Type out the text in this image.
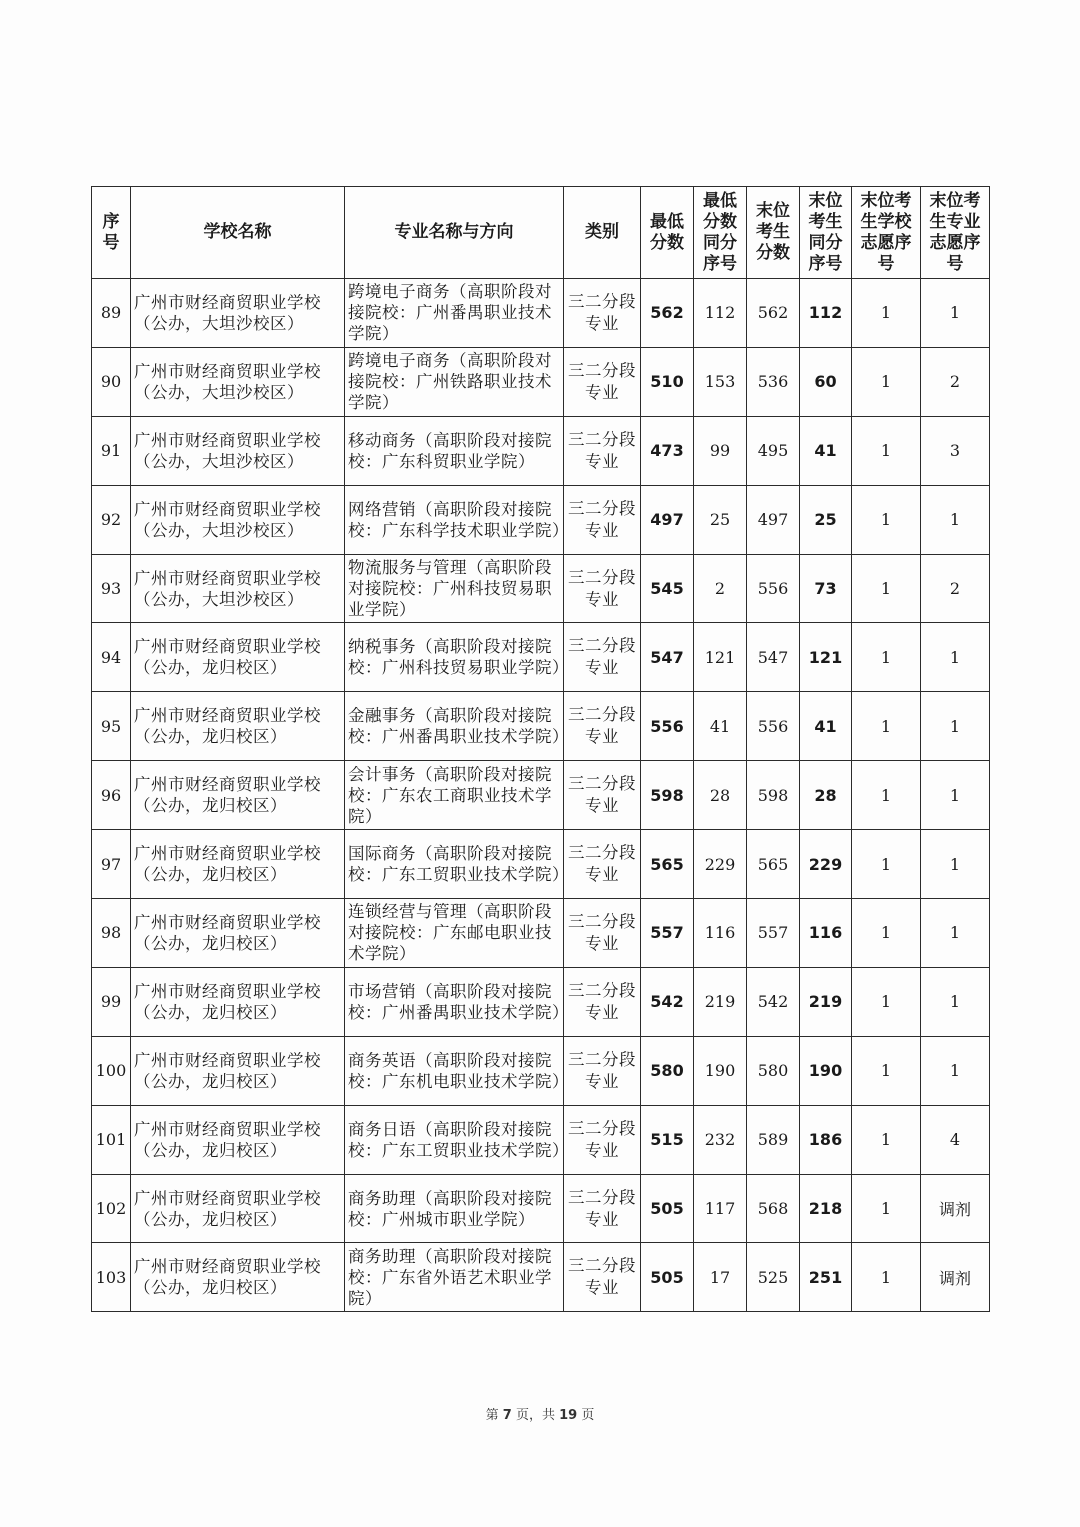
序号	学校名称	专业名称与方向	类别	最低分数	最低分数同分序号	末位考生分数	末位考生同分序号	末位考生学校志愿序号	末位考生专业志愿序号
89	广州市财经商贸职业学校（公办，大坦沙校区）	跨境电子商务（高职阶段对接院校：广州番禺职业技术学院）	三二分段专业	562	112	562	112	1	1
90	广州市财经商贸职业学校（公办，大坦沙校区）	跨境电子商务（高职阶段对接院校：广州铁路职业技术学院）	三二分段专业	510	153	536	60	1	2
91	广州市财经商贸职业学校（公办，大坦沙校区）	移动商务（高职阶段对接院校：广东科贸职业学院）	三二分段专业	473	99	495	41	1	3
92	广州市财经商贸职业学校（公办，大坦沙校区）	网络营销（高职阶段对接院校：广东科学技术职业学院）	三二分段专业	497	25	497	25	1	1
93	广州市财经商贸职业学校（公办，大坦沙校区）	物流服务与管理（高职阶段对接院校：广州科技贸易职业学院）	三二分段专业	545	2	556	73	1	2
94	广州市财经商贸职业学校（公办，龙归校区）	纳税事务（高职阶段对接院校：广州科技贸易职业学院）	三二分段专业	547	121	547	121	1	1
95	广州市财经商贸职业学校（公办，龙归校区）	金融事务（高职阶段对接院校：广州番禺职业技术学院）	三二分段专业	556	41	556	41	1	1
96	广州市财经商贸职业学校（公办，龙归校区）	会计事务（高职阶段对接院校：广东农工商职业技术学院）	三二分段专业	598	28	598	28	1	1
97	广州市财经商贸职业学校（公办，龙归校区）	国际商务（高职阶段对接院校：广东工贸职业技术学院）	三二分段专业	565	229	565	229	1	1
98	广州市财经商贸职业学校（公办，龙归校区）	连锁经营与管理（高职阶段对接院校：广东邮电职业技术学院）	三二分段专业	557	116	557	116	1	1
99	广州市财经商贸职业学校（公办，龙归校区）	市场营销（高职阶段对接院校：广州番禺职业技术学院）	三二分段专业	542	219	542	219	1	1
100	广州市财经商贸职业学校（公办，龙归校区）	商务英语（高职阶段对接院校：广东机电职业技术学院）	三二分段专业	580	190	580	190	1	1
101	广州市财经商贸职业学校（公办，龙归校区）	商务日语（高职阶段对接院校：广东工贸职业技术学院）	三二分段专业	515	232	589	186	1	4
102	广州市财经商贸职业学校（公办，龙归校区）	商务助理（高职阶段对接院校：广州城市职业学院）	三二分段专业	505	117	568	218	1	调剂
103	广州市财经商贸职业学校（公办，龙归校区）	商务助理（高职阶段对接院校：广东省外语艺术职业学院）	三二分段专业	505	17	525	251	1	调剂
第 7 页，共 19 页
